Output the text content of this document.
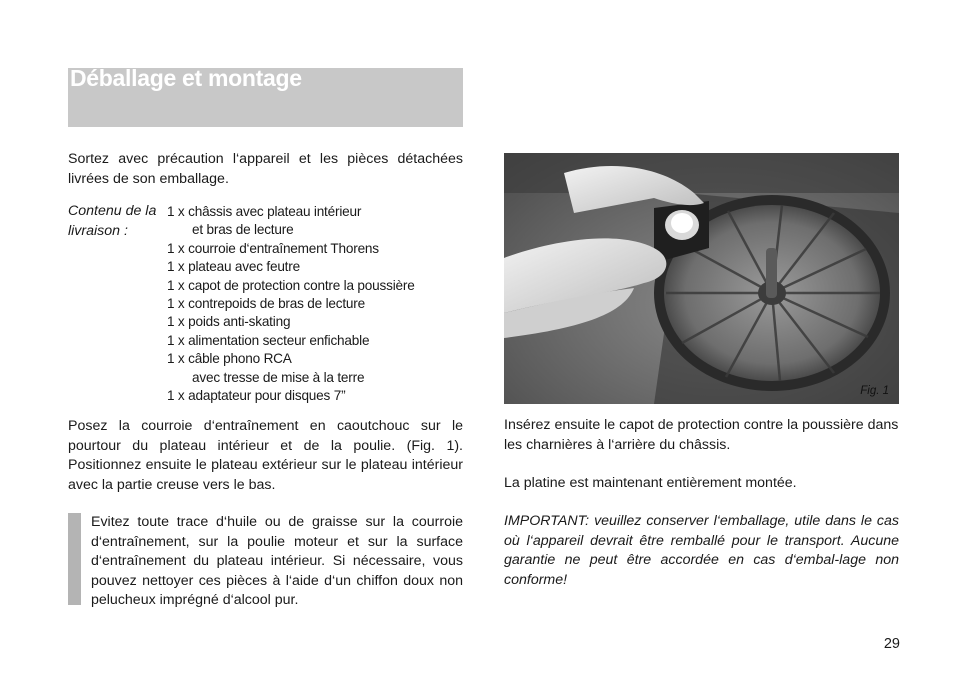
Déballage et montage

Sortez avec précaution l‘appareil et les pièces détachées livrées de son emballage.

Contenu de la livraison :
1 x châssis avec plateau intérieur
et bras de lecture
1 x courroie d‘entraînement Thorens
1 x plateau avec feutre
1 x capot de protection contre la poussière
1 x contrepoids de bras de lecture
1 x poids anti-skating
1 x alimentation secteur enfichable
1 x câble phono RCA
avec tresse de mise à la terre
1 x adaptateur pour disques 7”

Posez la courroie d‘entraînement en caoutchouc sur le pourtour du plateau intérieur et de la poulie. (Fig. 1). Positionnez ensuite le plateau extérieur sur le plateau intérieur avec la partie creuse vers le bas.

Evitez toute trace d‘huile ou de graisse sur la courroie d‘entraînement, sur la poulie moteur et sur la surface d‘entraînement du plateau intérieur. Si nécessaire, vous pouvez nettoyer ces pièces à l‘aide d‘un chiffon doux non pelucheux imprégné d‘alcool pur.

Fig. 1

Insérez ensuite le capot de protection contre la poussière dans les charnières à l‘arrière du châssis.

La platine est maintenant entièrement montée.

IMPORTANT: veuillez conserver l‘emballage, utile dans le cas où l‘appareil devrait être remballé pour le transport. Aucune garantie ne peut être accordée en cas d‘embal-lage non conforme!

29
